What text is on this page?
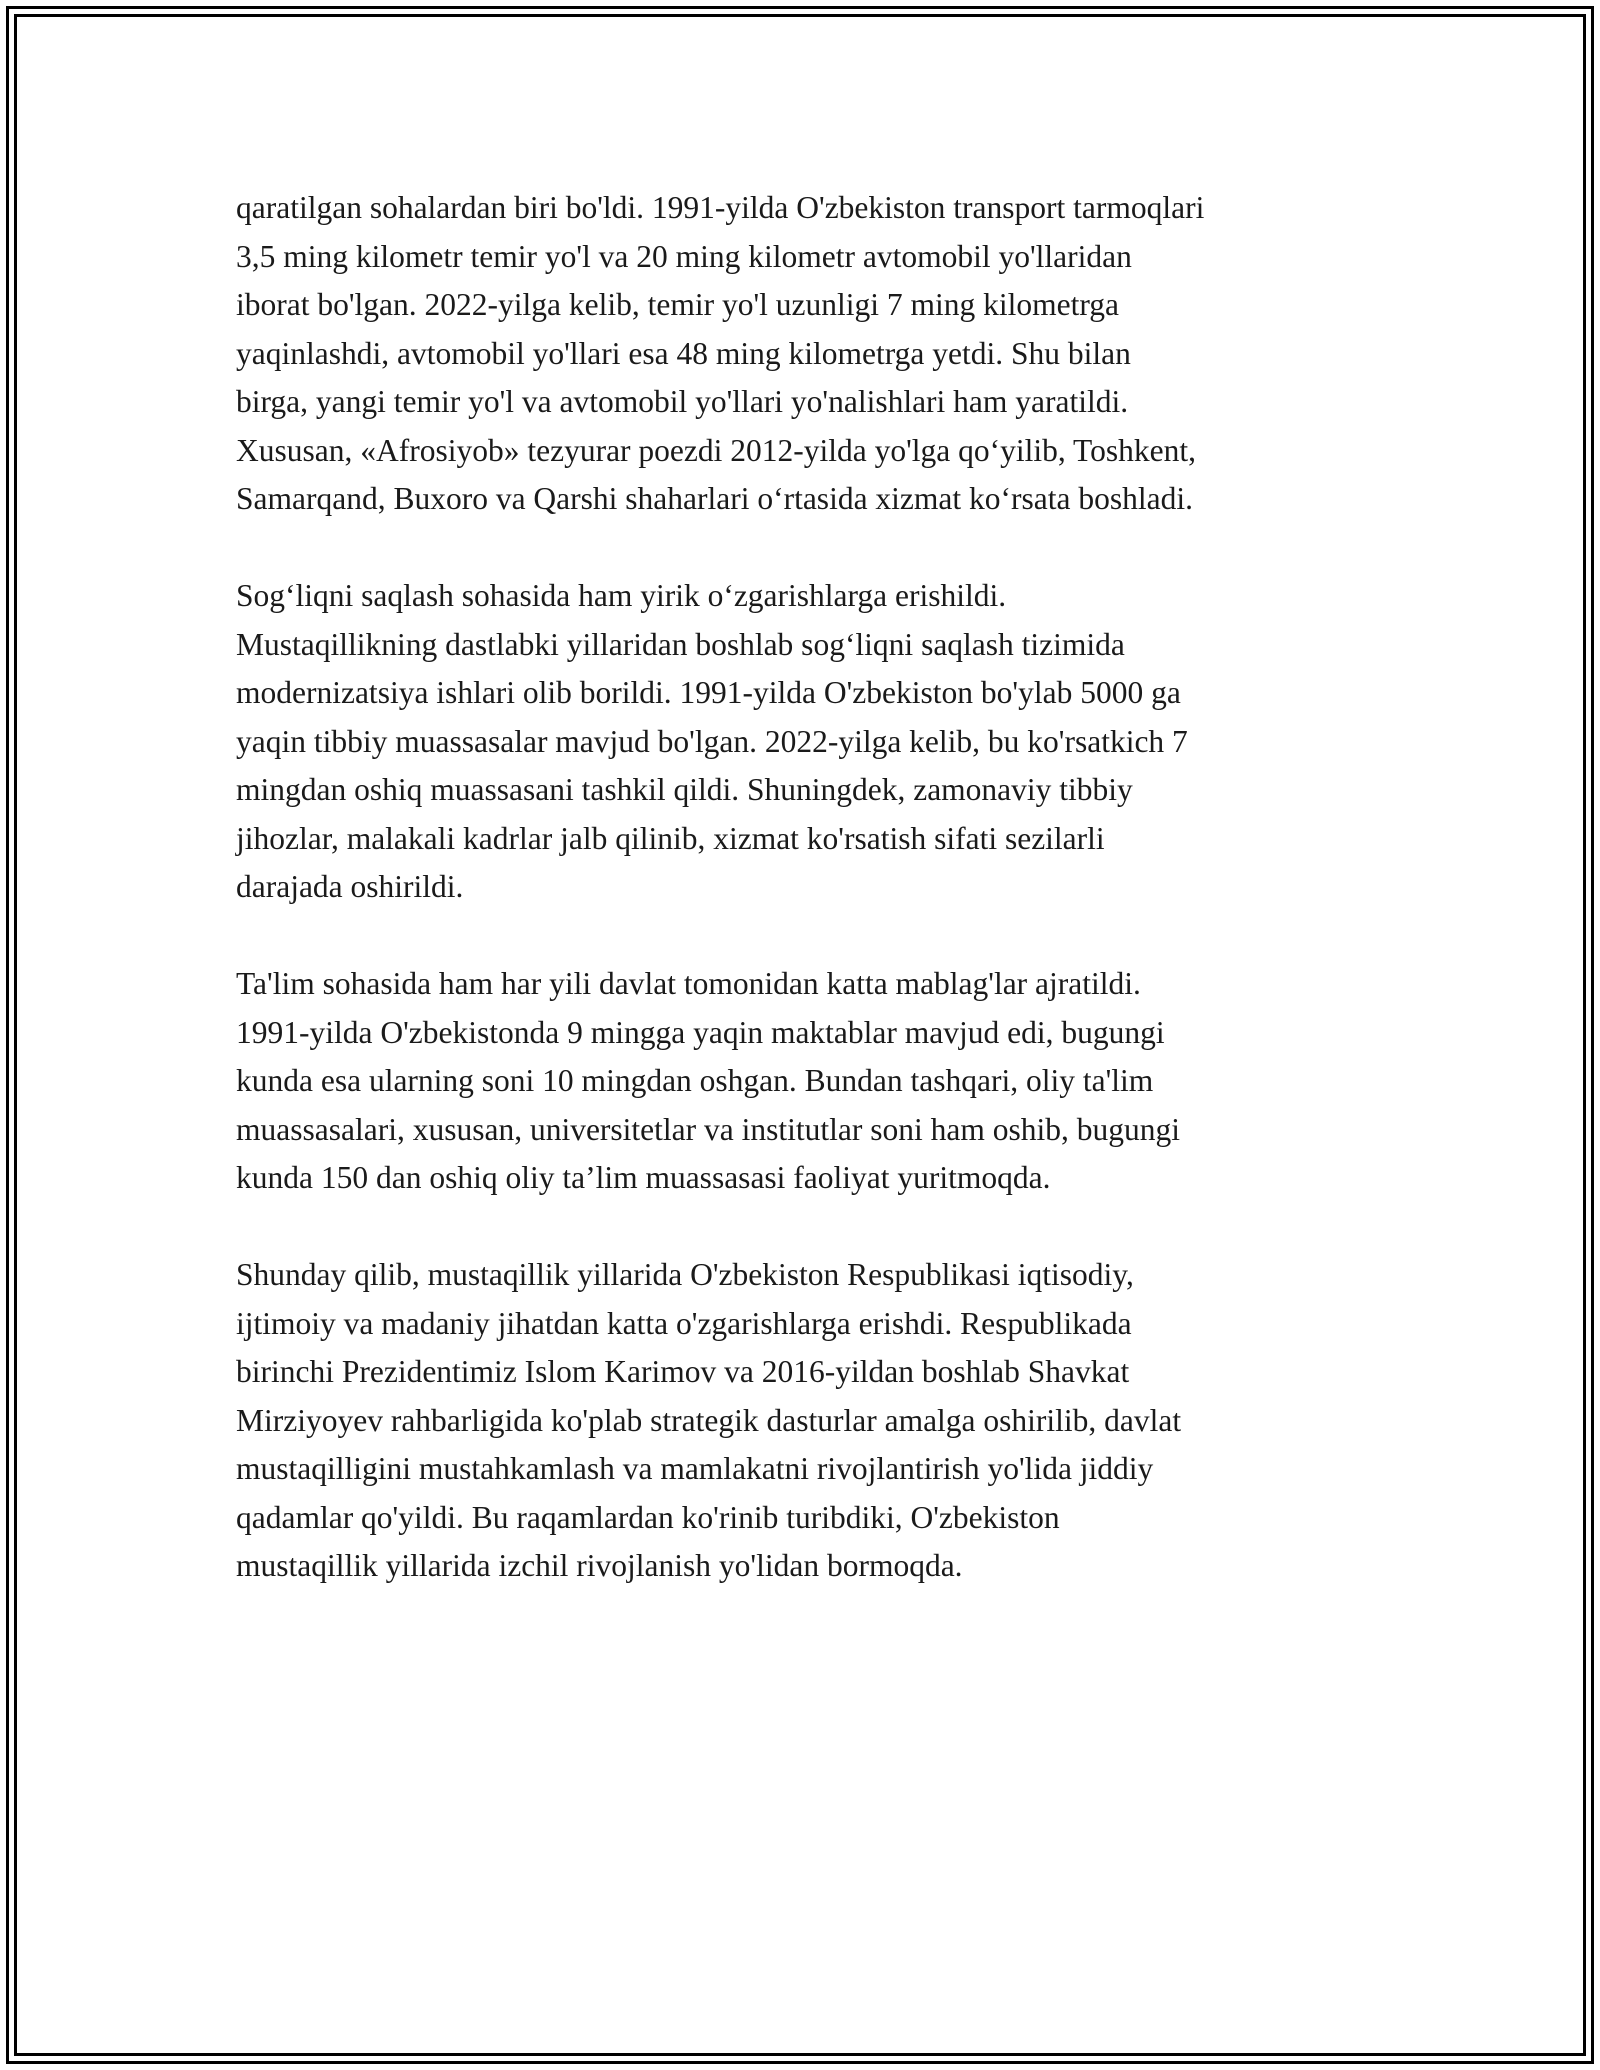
qaratilgan sohalardan biri bo'ldi. 1991-yilda O'zbekiston transport tarmoqlari
3,5 ming kilometr temir yo'l va 20 ming kilometr avtomobil yo'llaridan
iborat bo'lgan. 2022-yilga kelib, temir yo'l uzunligi 7 ming kilometrga
yaqinlashdi, avtomobil yo'llari esa 48 ming kilometrga yetdi. Shu bilan
birga, yangi temir yo'l va avtomobil yo'llari yo'nalishlari ham yaratildi.
Xususan, «Afrosiyob» tezyurar poezdi 2012-yilda yo'lga qo‘yilib, Toshkent,
Samarqand, Buxoro va Qarshi shaharlari o‘rtasida xizmat ko‘rsata boshladi.

Sog‘liqni saqlash sohasida ham yirik o‘zgarishlarga erishildi.
Mustaqillikning dastlabki yillaridan boshlab sog‘liqni saqlash tizimida
modernizatsiya ishlari olib borildi. 1991-yilda O'zbekiston bo'ylab 5000 ga
yaqin tibbiy muassasalar mavjud bo'lgan. 2022-yilga kelib, bu ko'rsatkich 7
mingdan oshiq muassasani tashkil qildi. Shuningdek, zamonaviy tibbiy
jihozlar, malakali kadrlar jalb qilinib, xizmat ko'rsatish sifati sezilarli
darajada oshirildi.

Ta'lim sohasida ham har yili davlat tomonidan katta mablag'lar ajratildi.
1991-yilda O'zbekistonda 9 mingga yaqin maktablar mavjud edi, bugungi
kunda esa ularning soni 10 mingdan oshgan. Bundan tashqari, oliy ta'lim
muassasalari, xususan, universitetlar va institutlar soni ham oshib, bugungi
kunda 150 dan oshiq oliy ta’lim muassasasi faoliyat yuritmoqda.

Shunday qilib, mustaqillik yillarida O'zbekiston Respublikasi iqtisodiy,
ijtimoiy va madaniy jihatdan katta o'zgarishlarga erishdi. Respublikada
birinchi Prezidentimiz Islom Karimov va 2016-yildan boshlab Shavkat
Mirziyoyev rahbarligida ko'plab strategik dasturlar amalga oshirilib, davlat
mustaqilligini mustahkamlash va mamlakatni rivojlantirish yo'lida jiddiy
qadamlar qo'yildi. Bu raqamlardan ko'rinib turibdiki, O'zbekiston
mustaqillik yillarida izchil rivojlanish yo'lidan bormoqda.
